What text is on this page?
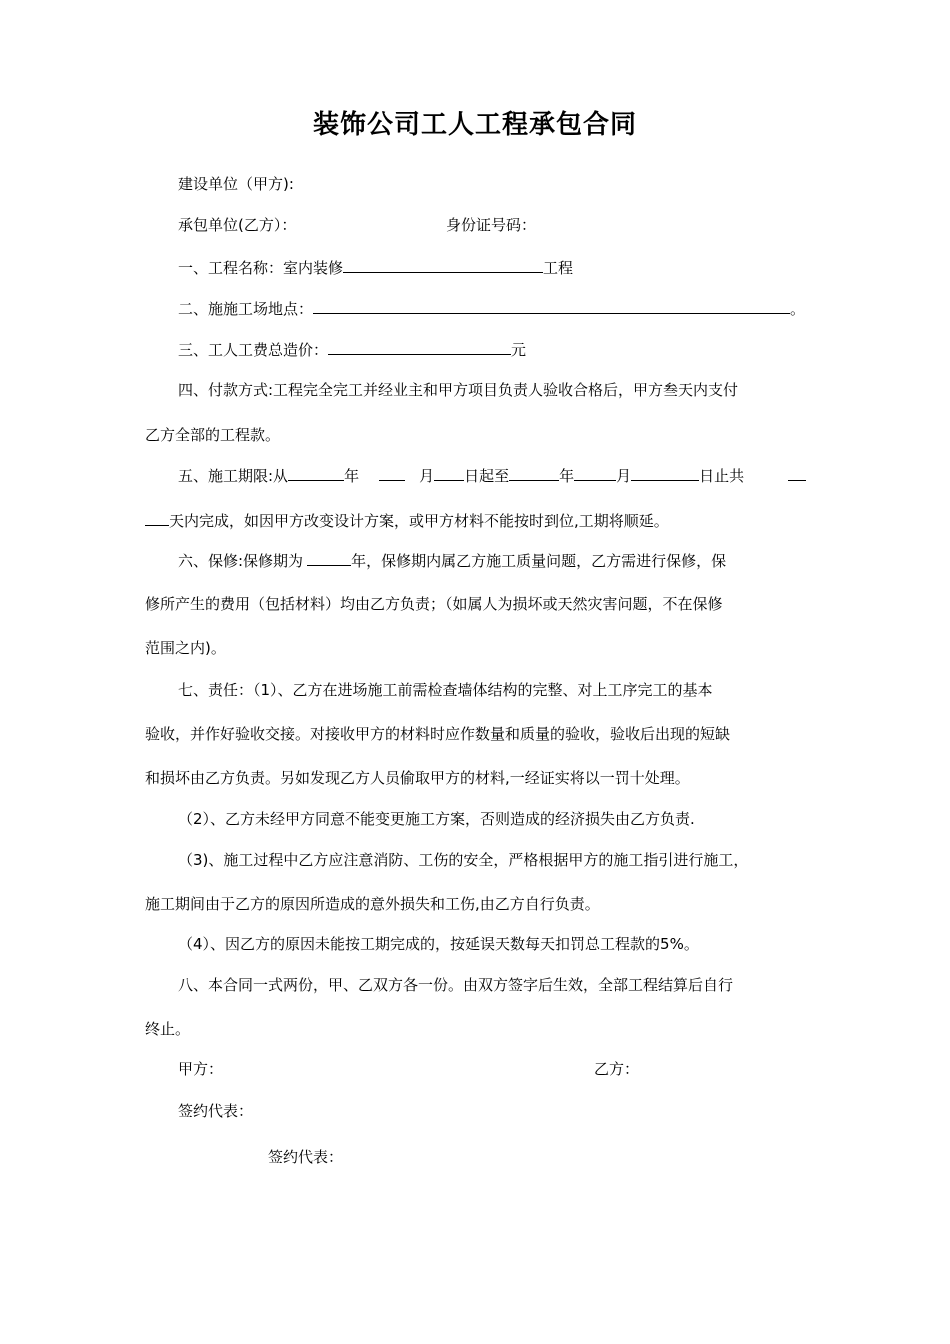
装饰公司工人工程承包合同
建设单位（甲方):
承包单位(乙方）：	身份证号码：
一、工程名称：室内装修	工程
二、施施工场地点：	。
三、工人工费总造价：	元
四、付款方式:工程完全完工并经业主和甲方项目负责人验收合格后，甲方叁天内支付
乙方全部的工程款。
五、施工期限:从	年	月 日起至	年	月	日止共
天内完成，如因甲方改变设计方案，或甲方材料不能按时到位,工期将顺延。
六、保修:保修期为	年，保修期内属乙方施工质量问题，乙方需进行保修，保
修所产生的费用（包括材料）均由乙方负责；（如属人为损坏或天然灾害问题，不在保修
范围之内)。
七、责任：（1）、乙方在进场施工前需检查墙体结构的完整、对上工序完工的基本
验收，并作好验收交接。对接收甲方的材料时应作数量和质量的验收，验收后出现的短缺
和损坏由乙方负责。另如发现乙方人员偷取甲方的材料,一经证实将以一罚十处理。
（2）、乙方未经甲方同意不能变更施工方案，否则造成的经济损失由乙方负责.
（3)、施工过程中乙方应注意消防、工伤的安全，严格根据甲方的施工指引进行施工，
施工期间由于乙方的原因所造成的意外损失和工伤,由乙方自行负责。
（4）、因乙方的原因未能按工期完成的，按延误天数每天扣罚总工程款的5%。
八、本合同一式两份，甲、乙双方各一份。由双方签字后生效，全部工程结算后自行
终止。
甲方：	乙方：
签约代表：
签约代表：
